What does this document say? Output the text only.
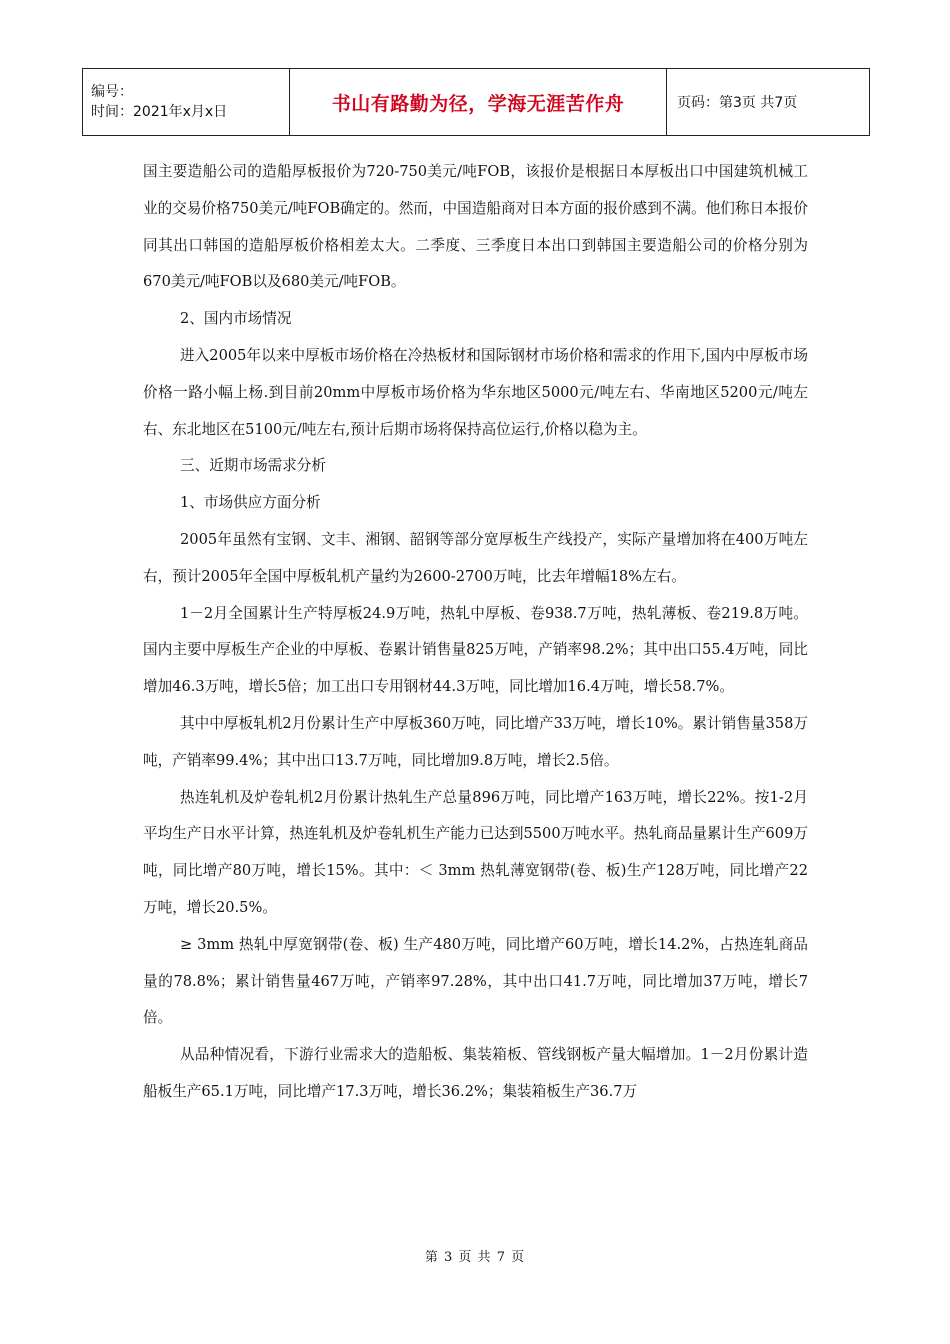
编号：
时间：2021年x月x日	书山有路勤为径，学海无涯苦作舟	页码：第3页 共7页

国主要造船公司的造船厚板报价为720-750美元/吨FOB，该报价是根据日本厚板出口中国建筑机械工业的交易价格750美元/吨FOB确定的。然而，中国造船商对日本方面的报价感到不满。他们称日本报价同其出口韩国的造船厚板价格相差太大。二季度、三季度日本出口到韩国主要造船公司的价格分别为670美元/吨FOB以及680美元/吨FOB。

2、国内市场情况

进入2005年以来中厚板市场价格在冷热板材和国际钢材市场价格和需求的作用下,国内中厚板市场价格一路小幅上杨.到目前20mm中厚板市场价格为华东地区5000元/吨左右、华南地区5200元/吨左右、东北地区在5100元/吨左右,预计后期市场将保持高位运行,价格以稳为主。

三、近期市场需求分析

1、市场供应方面分析

2005年虽然有宝钢、文丰、湘钢、韶钢等部分宽厚板生产线投产，实际产量增加将在400万吨左右，预计2005年全国中厚板轧机产量约为2600-2700万吨，比去年增幅18%左右。

1－2月全国累计生产特厚板24.9万吨，热轧中厚板、卷938.7万吨，热轧薄板、卷219.8万吨。国内主要中厚板生产企业的中厚板、卷累计销售量825万吨，产销率98.2%；其中出口55.4万吨，同比增加46.3万吨，增长5倍；加工出口专用钢材44.3万吨，同比增加16.4万吨，增长58.7%。

其中中厚板轧机2月份累计生产中厚板360万吨，同比增产33万吨，增长10%。累计销售量358万吨，产销率99.4%；其中出口13.7万吨，同比增加9.8万吨，增长2.5倍。

热连轧机及炉卷轧机2月份累计热轧生产总量896万吨，同比增产163万吨，增长22%。按1-2月平均生产日水平计算，热连轧机及炉卷轧机生产能力已达到5500万吨水平。热轧商品量累计生产609万吨，同比增产80万吨，增长15%。其中：＜ 3mm 热轧薄宽钢带(卷、板)生产128万吨，同比增产22万吨，增长20.5%。

≥ 3mm 热轧中厚宽钢带(卷、板) 生产480万吨，同比增产60万吨，增长14.2%，占热连轧商品量的78.8%；累计销售量467万吨，产销率97.28%，其中出口41.7万吨，同比增加37万吨，增长7倍。

从品种情况看，下游行业需求大的造船板、集装箱板、管线钢板产量大幅增加。1－2月份累计造船板生产65.1万吨，同比增产17.3万吨，增长36.2%；集装箱板生产36.7万

第 3 页 共 7 页
